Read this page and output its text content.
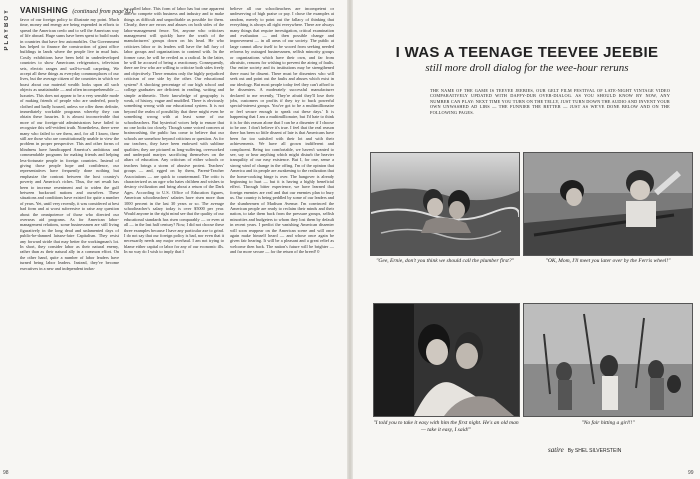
PLAYBOY VANISHING (continued from page 82)
favor of our foreign policy to illustrate my point. Much time, money and energy are being expended in efforts to spread the American credo and to sell the American way of life abroad. Huge sums have been spent to build roads in countries that have few automobiles. Our Government has helped to finance the construction of giant office buildings in lands where the people live in mud huts. Costly exhibitions have been held in underdeveloped countries to show Americans refrigerators, television sets, electric ranges and wall-to-wall carpeting. We accept all these things as everyday commonplaces of our lives, but the average citizen of the countries in which we boast about our material wealth looks upon all such objects as unattainable — and often incomprehensible — luxuries. This does not appear to be a very sensible mode of making friends of people who are underfed, poorly clothed and badly housed, unless we offer them definite, immediately workable programs whereby they can obtain these luxuries. It is almost inconceivable that more of our foreign-aid administrators have failed to recognize this self-evident truth. Nonetheless, there were many who failed to see them, and, for all I know, there still are those who are constitutionally unable to view the problem in proper perspective. This and other forms of blindness have handicapped America's ambitious and commendable programs for making friends and helping less-fortunate people in foreign countries. Instead of giving those people hope and confidence, our representatives have frequently done nothing but emphasize the contrast between the host country's poverty and America's riches. Thus, the net result has been to increase resentment and to widen the gulf between backward nations and ourselves. These situations and conditions have existed for quite a number of years. Yet, until very recently, it was considered at best bad form and at worst subversive to raise any question about the omnipotence of those who directed our overseas aid programs. As for American labor-management relations, some businessmen are still living figuratively in the long dead and unlamented days of public-be-damned laissez-faire Capitalism. They resist any forward stride that may better the workingman's lot. In short, they consider labor as their natural enemy, rather than as their natural ally in a common effort. On the other hand, quite a number of labor leaders have turned being labor leaders. Instead, they've become executives in a new and independent indus-
try called labor. This form of labor has but one apparent aim: to compete with business and industry and to make things as difficult and unprofitable as possible for them. Clearly, there are errors and abuses on both sides of the labor-management fence. Yet, anyone who criticizes management will quickly have the wrath of the manufacturers' groups down on his head. He who criticizes labor or its leaders will have the full fury of labor groups and organizations to contend with. In the former case, he will be reviled as a radical. In the latter, he will be accused of being a reactionary. Consequently, there are few who are willing to criticize both sides freely and objectively. There remains only the highly prejudiced criticism of one side by the other. Our educational system? A shocking percentage of our high school and college graduates are deficient in reading, writing and simple arithmetic. Their knowledge of geography is weak, of history, vague and muddled. There is obviously something wrong with our educational system. It is not beyond the realm of possibility that there might even be something wrong with at least some of our schoolteachers. But hysterical voices help to ensure that no one looks too closely. Though some voiced concern at brainwashing, the public has come to believe that our schools are somehow beyond criticism or question. As for our teachers, they have been endowed with sublime qualities; they are pictured as long-suffering, overworked and underpaid martyrs sacrificing themselves on the altars of education. Any criticism of either schools or teachers brings a storm of abusive protest. Teachers' groups — and, egged on by them, Parent-Teacher Associations — are quick to countermand. The critic is characterized as an ogre who hates children and wishes to destroy civilization and bring about a return of the Dark Ages. According to U.S. Office of Education figures, American schoolteachers' salaries have risen more than 1000 percent in the last 30 years or so. The average schoolteacher's salary today is over $5000 per year. Would anyone in the right mind see that the quality of our educational standards has risen comparably — or even at all — in the last half century? Now, I did not choose these three examples because I have any particular axe to grind. I do not say that our foreign policy is bad, nor even that it necessarily needs any major overhaul. I am not trying to blame either capital or labor for any of our economic ills. In no way do I wish to imply that I
believe all our schoolteachers are incompetent or undeserving of high praise or pay. I chose the examples at random, merely to point out the fallacy of thinking that everything is always all right everywhere. There are always many things that require investigation, critical examination and evaluation — and then possible change and improvement — in all areas of our society. The public at large cannot allow itself to be wooed from seeking needed reforms by outraged businessmen, selfish minority groups or organizations which have their own, and far from altruistic, reasons for wishing to prevent the airing of faults. Our entire society and its institutions may be strengthened there must be dissent. There must be dissenters who will seek out and point out the faults and abuses which exist in our ideology. But most people today feel they can't afford to be dissenters. A moderately successful manufacturer declared to me recently, 'They're afraid they'll lose their jobs, customers or profits if they try to buck powerful special-interest groups. You've got to be a multimillionaire or feel secure enough to speak out these days.' It is happening that I am a multimillionaire, but I'd hate to think it is for this reason alone that I can be a dissenter if I choose to be one. I don't believe it's true. I feel that the real reason there has been so little dissent of late is that Americans have been far too satisfied with their lot and with their achievements. We have all grown indifferent and complacent. Being too comfortable, we haven't wanted to see, say or hear anything which might disturb the heavier tranquility of our easy existence. But I, for one, sense a strong wind of change in the offing. I'm of the opinion that America and its people are awakening to the realization that the home-cooking binge is over. The hangover is already beginning to hurt — but it is having a highly beneficial effect. Through bitter experience, we have learned that foreign enemies are real and that our enemies plan to bury us. Our country is being peddled by some of our leaders and the slumbermen of Madison Avenue. I'm convinced the American people are ready to reclaim their minds and their nation, to take them back from the pressure groups, selfish minorities and budgeters to whom they lost them by default in recent years. I predict the vanishing American dissenter will soon reappear on the American scene and will once again make himself heard — and whose once again be given fair hearing. It will be a pleasant and a great relief as welcome then back. The nation's future will be brighter — and far more secure — for the return of the breed! 0
98
I WAS A TEENAGE TEEVEE JEEBIE
still more droll dialog for the wee-hour reruns
THE NAME OF THE GAME IS TEEVEE JEEBIES, OUR GELT FILM FESTIVAL OF LATE-NIGHT VINTAGE VIDEO COMPARATIVELY UPDATED WITH DAFFY-DUB OVER-DIALOG. AS YOU SHOULD KNOW BY NOW, ANY NUMBER CAN PLAY: NEXT TIME YOU TURN ON THE TELLY, JUST TURN DOWN THE AUDIO AND INVENT YOUR OWN UNWASHED AD LIBS — THE FUNNIER THE BETTER — JUST AS WE'VE DONE BELOW AND ON THE FOLLOWING PAGES.
"Gee, Ernie, don't you think we should call the plumber first?"	"OK, Mom, I'll meet you later over by the Ferris wheel!"
"I told you to take it easy with him the first night. He's an old man — take it easy, I said!"
"No fair hitting a girl!!"
satire By SHEL SILVERSTEIN
99
